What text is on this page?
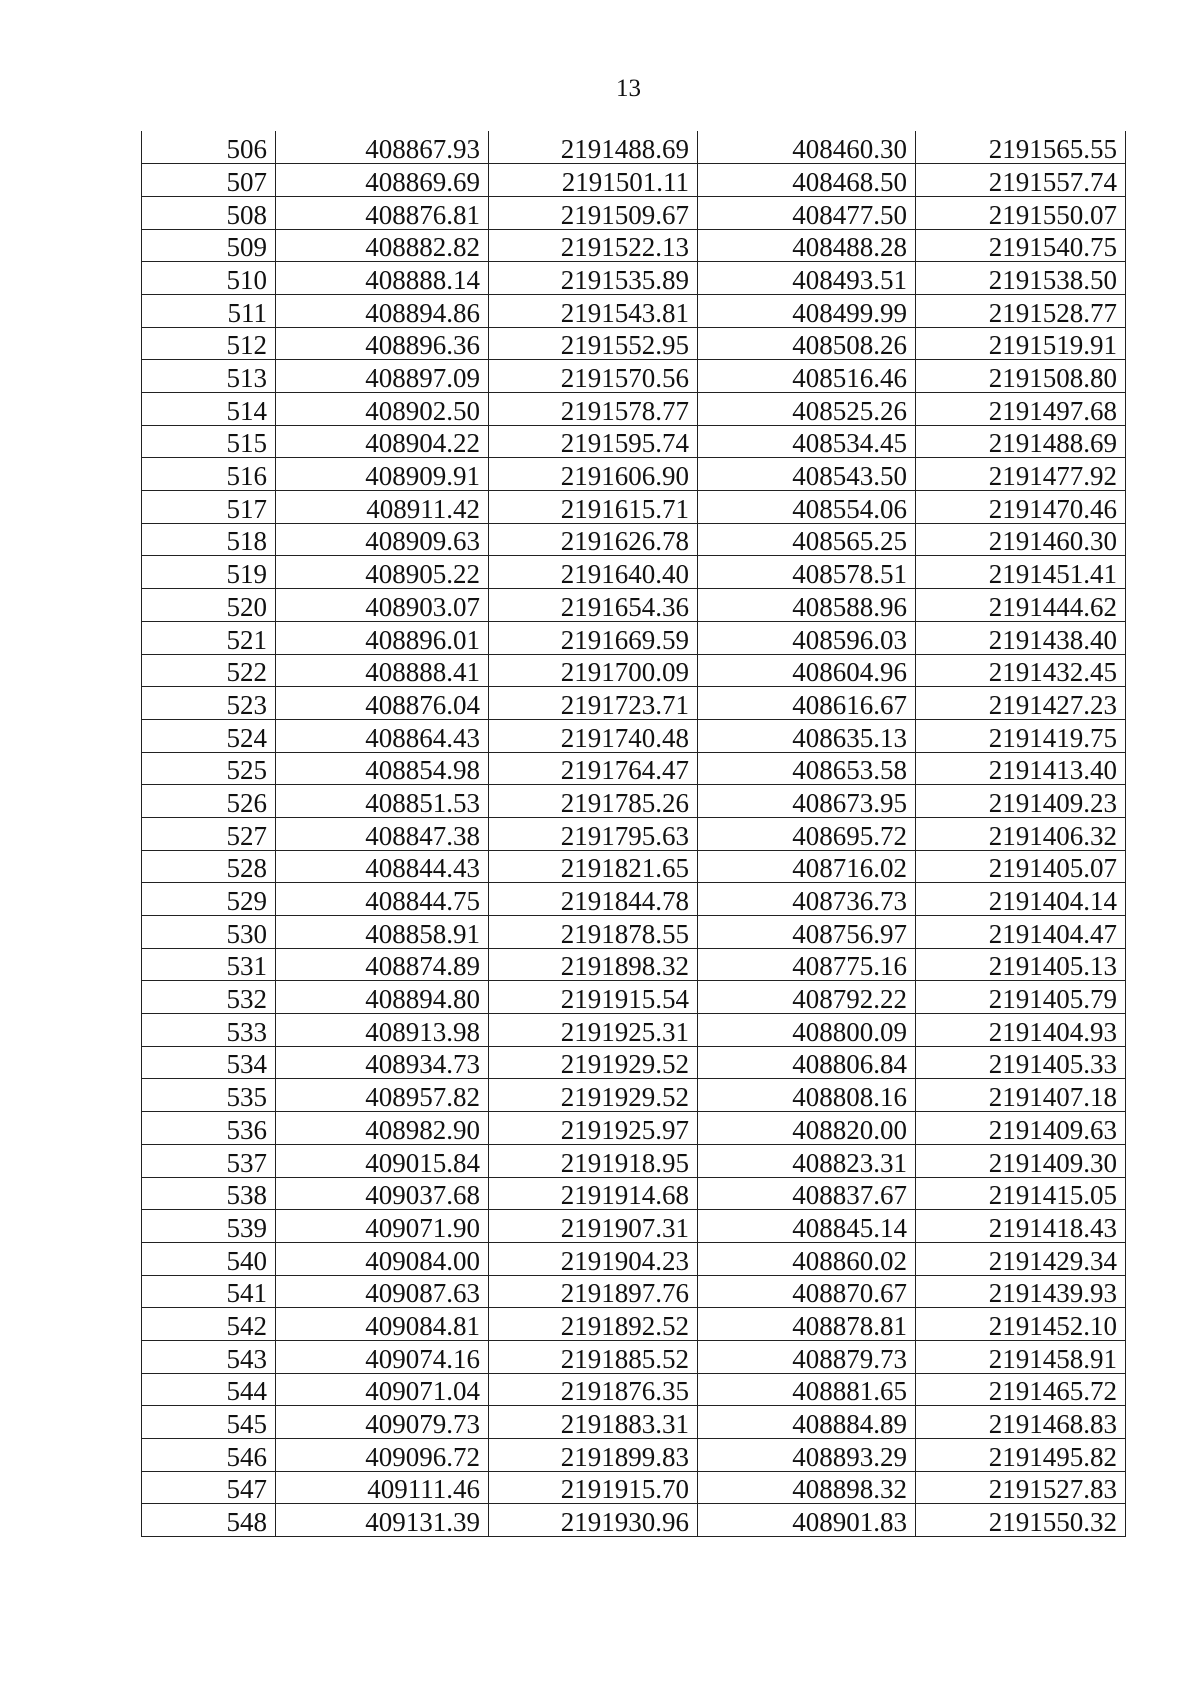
13
506	408867.93	2191488.69	408460.30	2191565.55
507	408869.69	2191501.11	408468.50	2191557.74
508	408876.81	2191509.67	408477.50	2191550.07
509	408882.82	2191522.13	408488.28	2191540.75
510	408888.14	2191535.89	408493.51	2191538.50
511	408894.86	2191543.81	408499.99	2191528.77
512	408896.36	2191552.95	408508.26	2191519.91
513	408897.09	2191570.56	408516.46	2191508.80
514	408902.50	2191578.77	408525.26	2191497.68
515	408904.22	2191595.74	408534.45	2191488.69
516	408909.91	2191606.90	408543.50	2191477.92
517	408911.42	2191615.71	408554.06	2191470.46
518	408909.63	2191626.78	408565.25	2191460.30
519	408905.22	2191640.40	408578.51	2191451.41
520	408903.07	2191654.36	408588.96	2191444.62
521	408896.01	2191669.59	408596.03	2191438.40
522	408888.41	2191700.09	408604.96	2191432.45
523	408876.04	2191723.71	408616.67	2191427.23
524	408864.43	2191740.48	408635.13	2191419.75
525	408854.98	2191764.47	408653.58	2191413.40
526	408851.53	2191785.26	408673.95	2191409.23
527	408847.38	2191795.63	408695.72	2191406.32
528	408844.43	2191821.65	408716.02	2191405.07
529	408844.75	2191844.78	408736.73	2191404.14
530	408858.91	2191878.55	408756.97	2191404.47
531	408874.89	2191898.32	408775.16	2191405.13
532	408894.80	2191915.54	408792.22	2191405.79
533	408913.98	2191925.31	408800.09	2191404.93
534	408934.73	2191929.52	408806.84	2191405.33
535	408957.82	2191929.52	408808.16	2191407.18
536	408982.90	2191925.97	408820.00	2191409.63
537	409015.84	2191918.95	408823.31	2191409.30
538	409037.68	2191914.68	408837.67	2191415.05
539	409071.90	2191907.31	408845.14	2191418.43
540	409084.00	2191904.23	408860.02	2191429.34
541	409087.63	2191897.76	408870.67	2191439.93
542	409084.81	2191892.52	408878.81	2191452.10
543	409074.16	2191885.52	408879.73	2191458.91
544	409071.04	2191876.35	408881.65	2191465.72
545	409079.73	2191883.31	408884.89	2191468.83
546	409096.72	2191899.83	408893.29	2191495.82
547	409111.46	2191915.70	408898.32	2191527.83
548	409131.39	2191930.96	408901.83	2191550.32
